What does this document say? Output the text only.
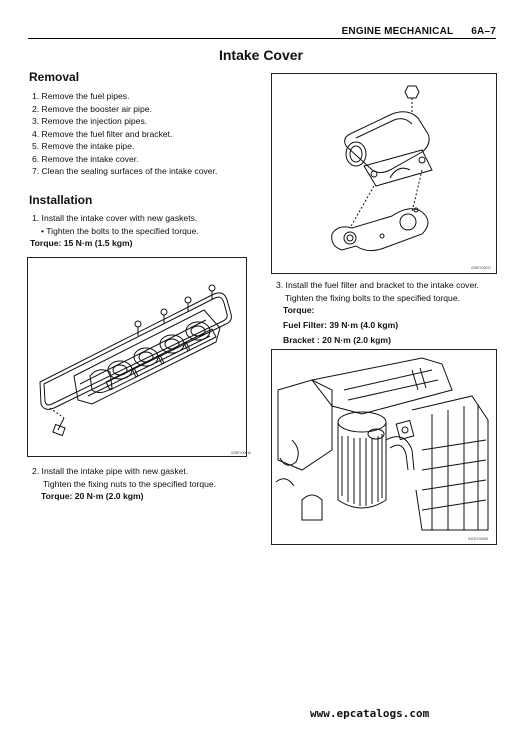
ENGINE MECHANICAL 6A–7
Intake Cover
Removal
1. Remove the fuel pipes.
2. Remove the booster air pipe.
3. Remove the injection pipes.
4. Remove the fuel filter and bracket.
5. Remove the intake pipe.
6. Remove the intake cover.
7. Clean the sealing surfaces of the intake cover.
Installation
1. Install the intake cover with new gaskets.
• Tighten the bolts to the specified torque.
Torque: 15 N·m (1.5 kgm)
025EY00010
2. Install the intake pipe with new gasket.
Tighten the fixing nuts to the specified torque.
Torque: 20 N·m (2.0 kgm)
025EY00017
3. Install the fuel filter and bracket to the intake cover.
Tighten the fixing bolts to the specified torque.
Torque:
Fuel Filter: 39 N·m (4.0 kgm)
Bracket : 20 N·m (2.0 kgm)
041EY00080
www.epcatalogs.com
